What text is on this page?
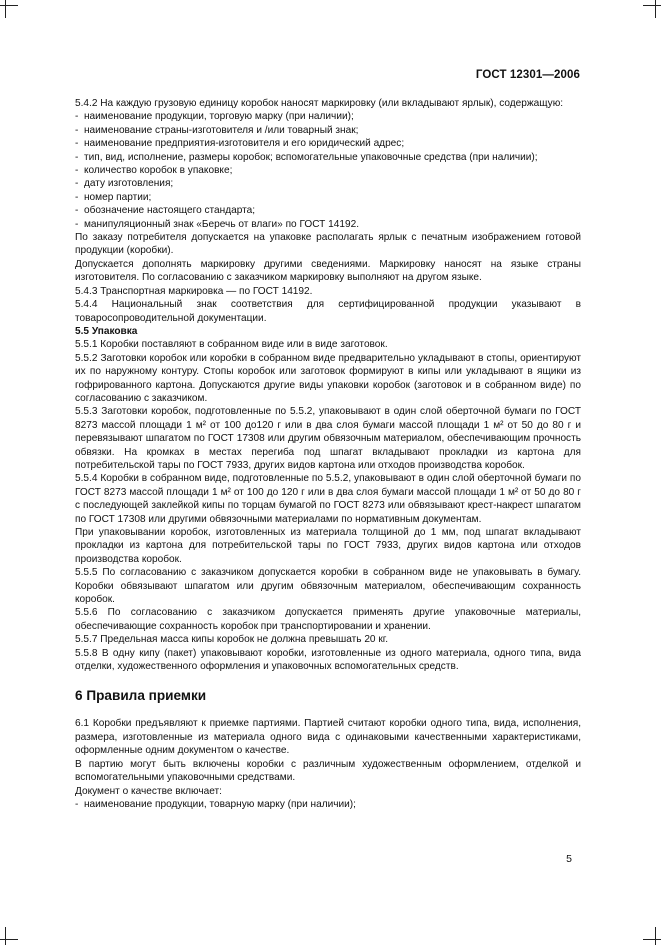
ГОСТ 12301—2006

5.4.2 На каждую грузовую единицу коробок наносят маркировку (или вкладывают ярлык), содержащую:

- наименование продукции, торговую марку (при наличии);

- наименование страны-изготовителя и /или товарный знак;

- наименование предприятия-изготовителя и его юридический адрес;

- тип, вид, исполнение, размеры коробок; вспомогательные упаковочные средства (при наличии);

- количество коробок в упаковке;

- дату изготовления;

- номер партии;

- обозначение настоящего стандарта;

- манипуляционный знак «Беречь от влаги» по ГОСТ 14192.

По заказу потребителя допускается на упаковке располагать ярлык с печатным изображением готовой продукции (коробки).

Допускается дополнять маркировку другими сведениями. Маркировку наносят на языке страны изготовителя. По согласованию с заказчиком маркировку выполняют на другом языке.

5.4.3 Транспортная маркировка — по ГОСТ 14192.

5.4.4 Национальный знак соответствия для сертифицированной продукции указывают в товаросопроводительной документации.

5.5 Упаковка

5.5.1 Коробки поставляют в собранном виде или в виде заготовок.

5.5.2 Заготовки коробок или коробки в собранном виде предварительно укладывают в стопы, ориентируют их по наружному контуру. Стопы коробок или заготовок формируют в кипы или укладывают в ящики из гофрированного картона. Допускаются другие виды упаковки коробок (заготовок и в собранном виде) по согласованию с заказчиком.

5.5.3 Заготовки коробок, подготовленные по 5.5.2, упаковывают в один слой оберточной бумаги по ГОСТ 8273 массой площади 1 м² от 100 до120 г или в два слоя бумаги массой площади 1 м² от 50 до 80 г и перевязывают шпагатом по ГОСТ 17308 или другим обвязочным материалом, обеспечивающим прочность обвязки. На кромках в местах перегиба под шпагат вкладывают прокладки из картона для потребительской тары по ГОСТ 7933, других видов картона или отходов производства коробок.

5.5.4 Коробки в собранном виде, подготовленные по 5.5.2, упаковывают в один слой оберточной бумаги по ГОСТ 8273 массой площади 1 м² от 100 до 120 г или в два слоя бумаги массой площади 1 м² от 50 до 80 г с последующей заклейкой кипы по торцам бумагой по ГОСТ 8273 или обвязывают крест-накрест шпагатом по ГОСТ 17308 или другими обвязочными материалами по нормативным документам.

При упаковывании коробок, изготовленных из материала толщиной до 1 мм, под шпагат вкладывают прокладки из картона для потребительской тары по ГОСТ 7933, других видов картона или отходов производства коробок.

5.5.5 По согласованию с заказчиком допускается коробки в собранном виде не упаковывать в бумагу. Коробки обвязывают шпагатом или другим обвязочным материалом, обеспечивающим сохранность коробок.

5.5.6 По согласованию с заказчиком допускается применять другие упаковочные материалы, обеспечивающие сохранность коробок при транспортировании и хранении.

5.5.7 Предельная масса кипы коробок не должна превышать 20 кг.

5.5.8 В одну кипу (пакет) упаковывают коробки, изготовленные из одного материала, одного типа, вида отделки, художественного оформления и упаковочных вспомогательных средств.

6 Правила приемки

6.1 Коробки предъявляют к приемке партиями. Партией считают коробки одного типа, вида, исполнения, размера, изготовленные из материала одного вида с одинаковыми качественными характеристиками, оформленные одним документом о качестве.

В партию могут быть включены коробки с различным художественным оформлением, отделкой и вспомогательными упаковочными средствами.

Документ о качестве включает:

- наименование продукции, товарную марку (при наличии);

5
